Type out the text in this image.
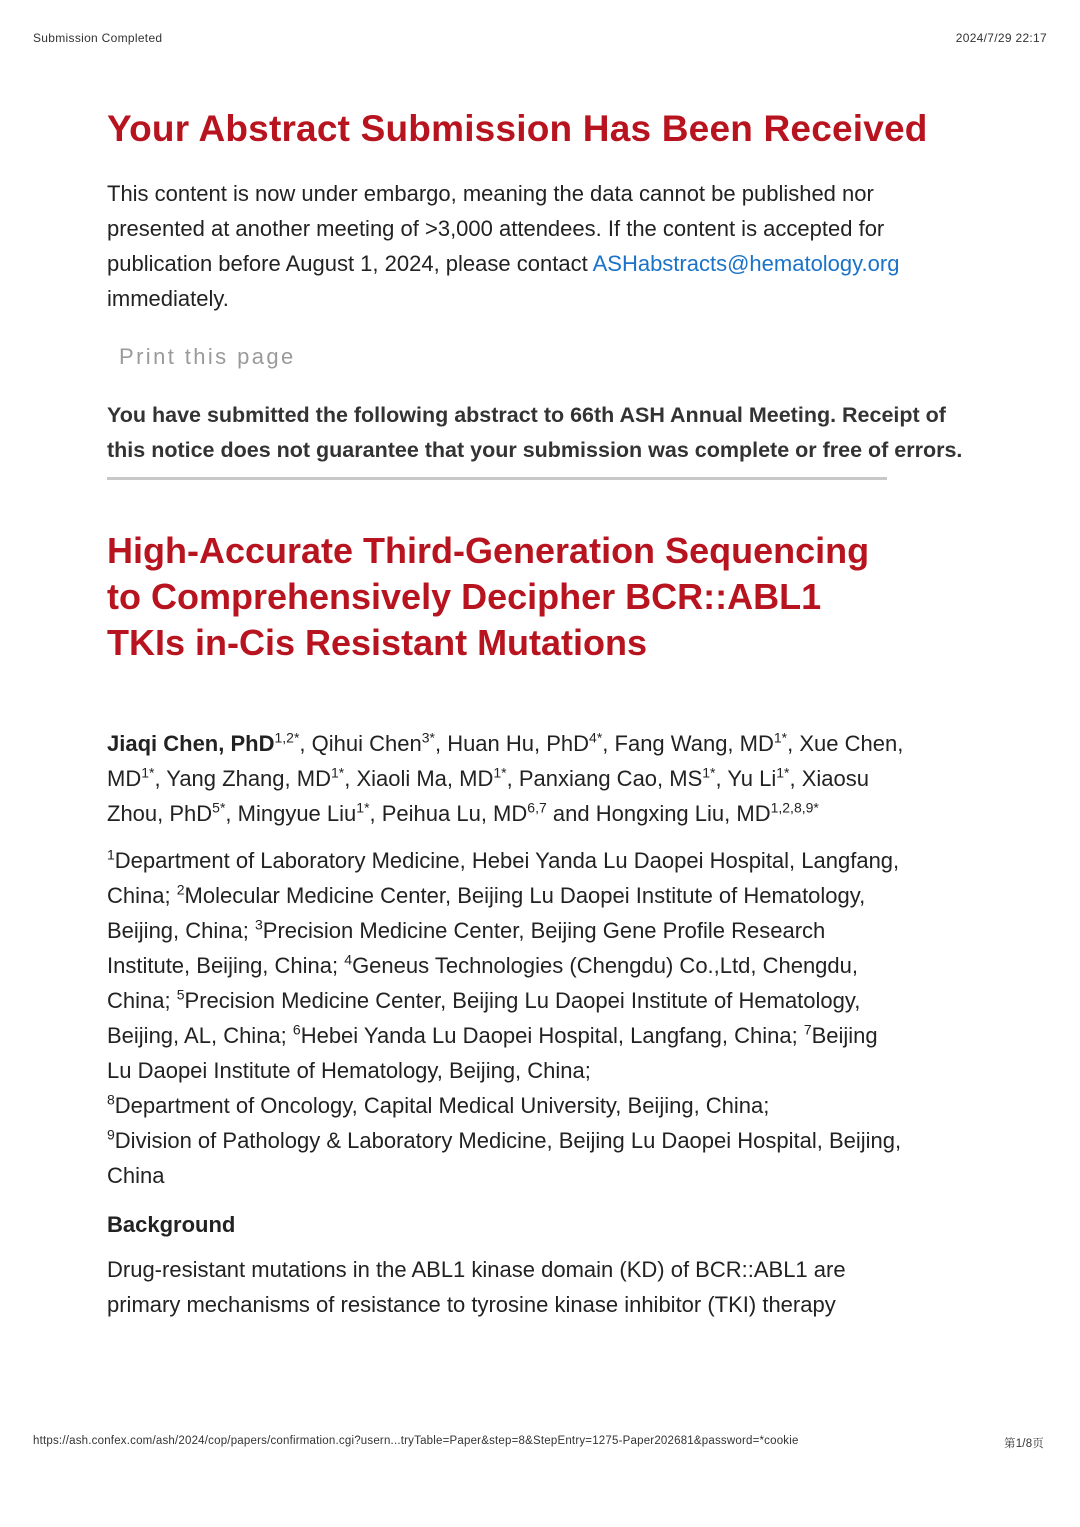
Submission Completed	2024/7/29 22:17
Your Abstract Submission Has Been Received

This content is now under embargo, meaning the data cannot be published nor presented at another meeting of >3,000 attendees. If the content is accepted for publication before August 1, 2024, please contact ASHabstracts@hematology.org
immediately.

Print this page

You have submitted the following abstract to 66th ASH Annual Meeting. Receipt of this notice does not guarantee that your submission was complete or free of errors.

High-Accurate Third-Generation Sequencing to Comprehensively Decipher BCR::ABL1 TKIs in-Cis Resistant Mutations

Jiaqi Chen, PhD$^{1,2*}$, Qihui Chen$^{3*}$, Huan Hu, PhD$^{4*}$, Fang Wang, $MD^{1*}$, Xue Chen, $MD^{1*}$, Yang Zhang, $MD^{1*}$, Xiaoli Ma, $MD^{1*}$, Panxiang Cao, $MS^{1*}$, Yu $Li^{1*}$, Xiaosu Zhou, PhD$^{5*}$, Mingyue Liu$^{1*}$, Peihua Lu, MD$^{6,7}$ and Hongxing Liu, $MD^{1,2,8,9*}$

$^1$Department of Laboratory Medicine, Hebei Yanda Lu Daopei Hospital, Langfang, China; $^2$Molecular Medicine Center, Beijing Lu Daopei Institute of Hematology, Beijing, China; $^3$Precision Medicine Center, Beijing Gene Profile Research Institute, Beijing, China; $^4$Geneus Technologies (Chengdu) Co.,Ltd, Chengdu, China; $^5$Precision Medicine Center, Beijing Lu Daopei Institute of Hematology, Beijing, AL, China; $^6$Hebei Yanda Lu Daopei Hospital, Langfang, China; $^7$Beijing Lu Daopei Institute of Hematology, Beijing, China;
$^8$Department of Oncology, Capital Medical University, Beijing, China;
$^9$Division of Pathology & Laboratory Medicine, Beijing Lu Daopei Hospital, Beijing, China

Background

Drug-resistant mutations in the ABL1 kinase domain (KD) of BCR::ABL1 are primary mechanisms of resistance to tyrosine kinase inhibitor (TKI) therapy

https://ash.confex.com/ash/2024/cop/papers/confirmation.cgi?usern...tryTable=Paper&step=8&StepEntry=1275-Paper202681&password=*cookie	第1/8页
